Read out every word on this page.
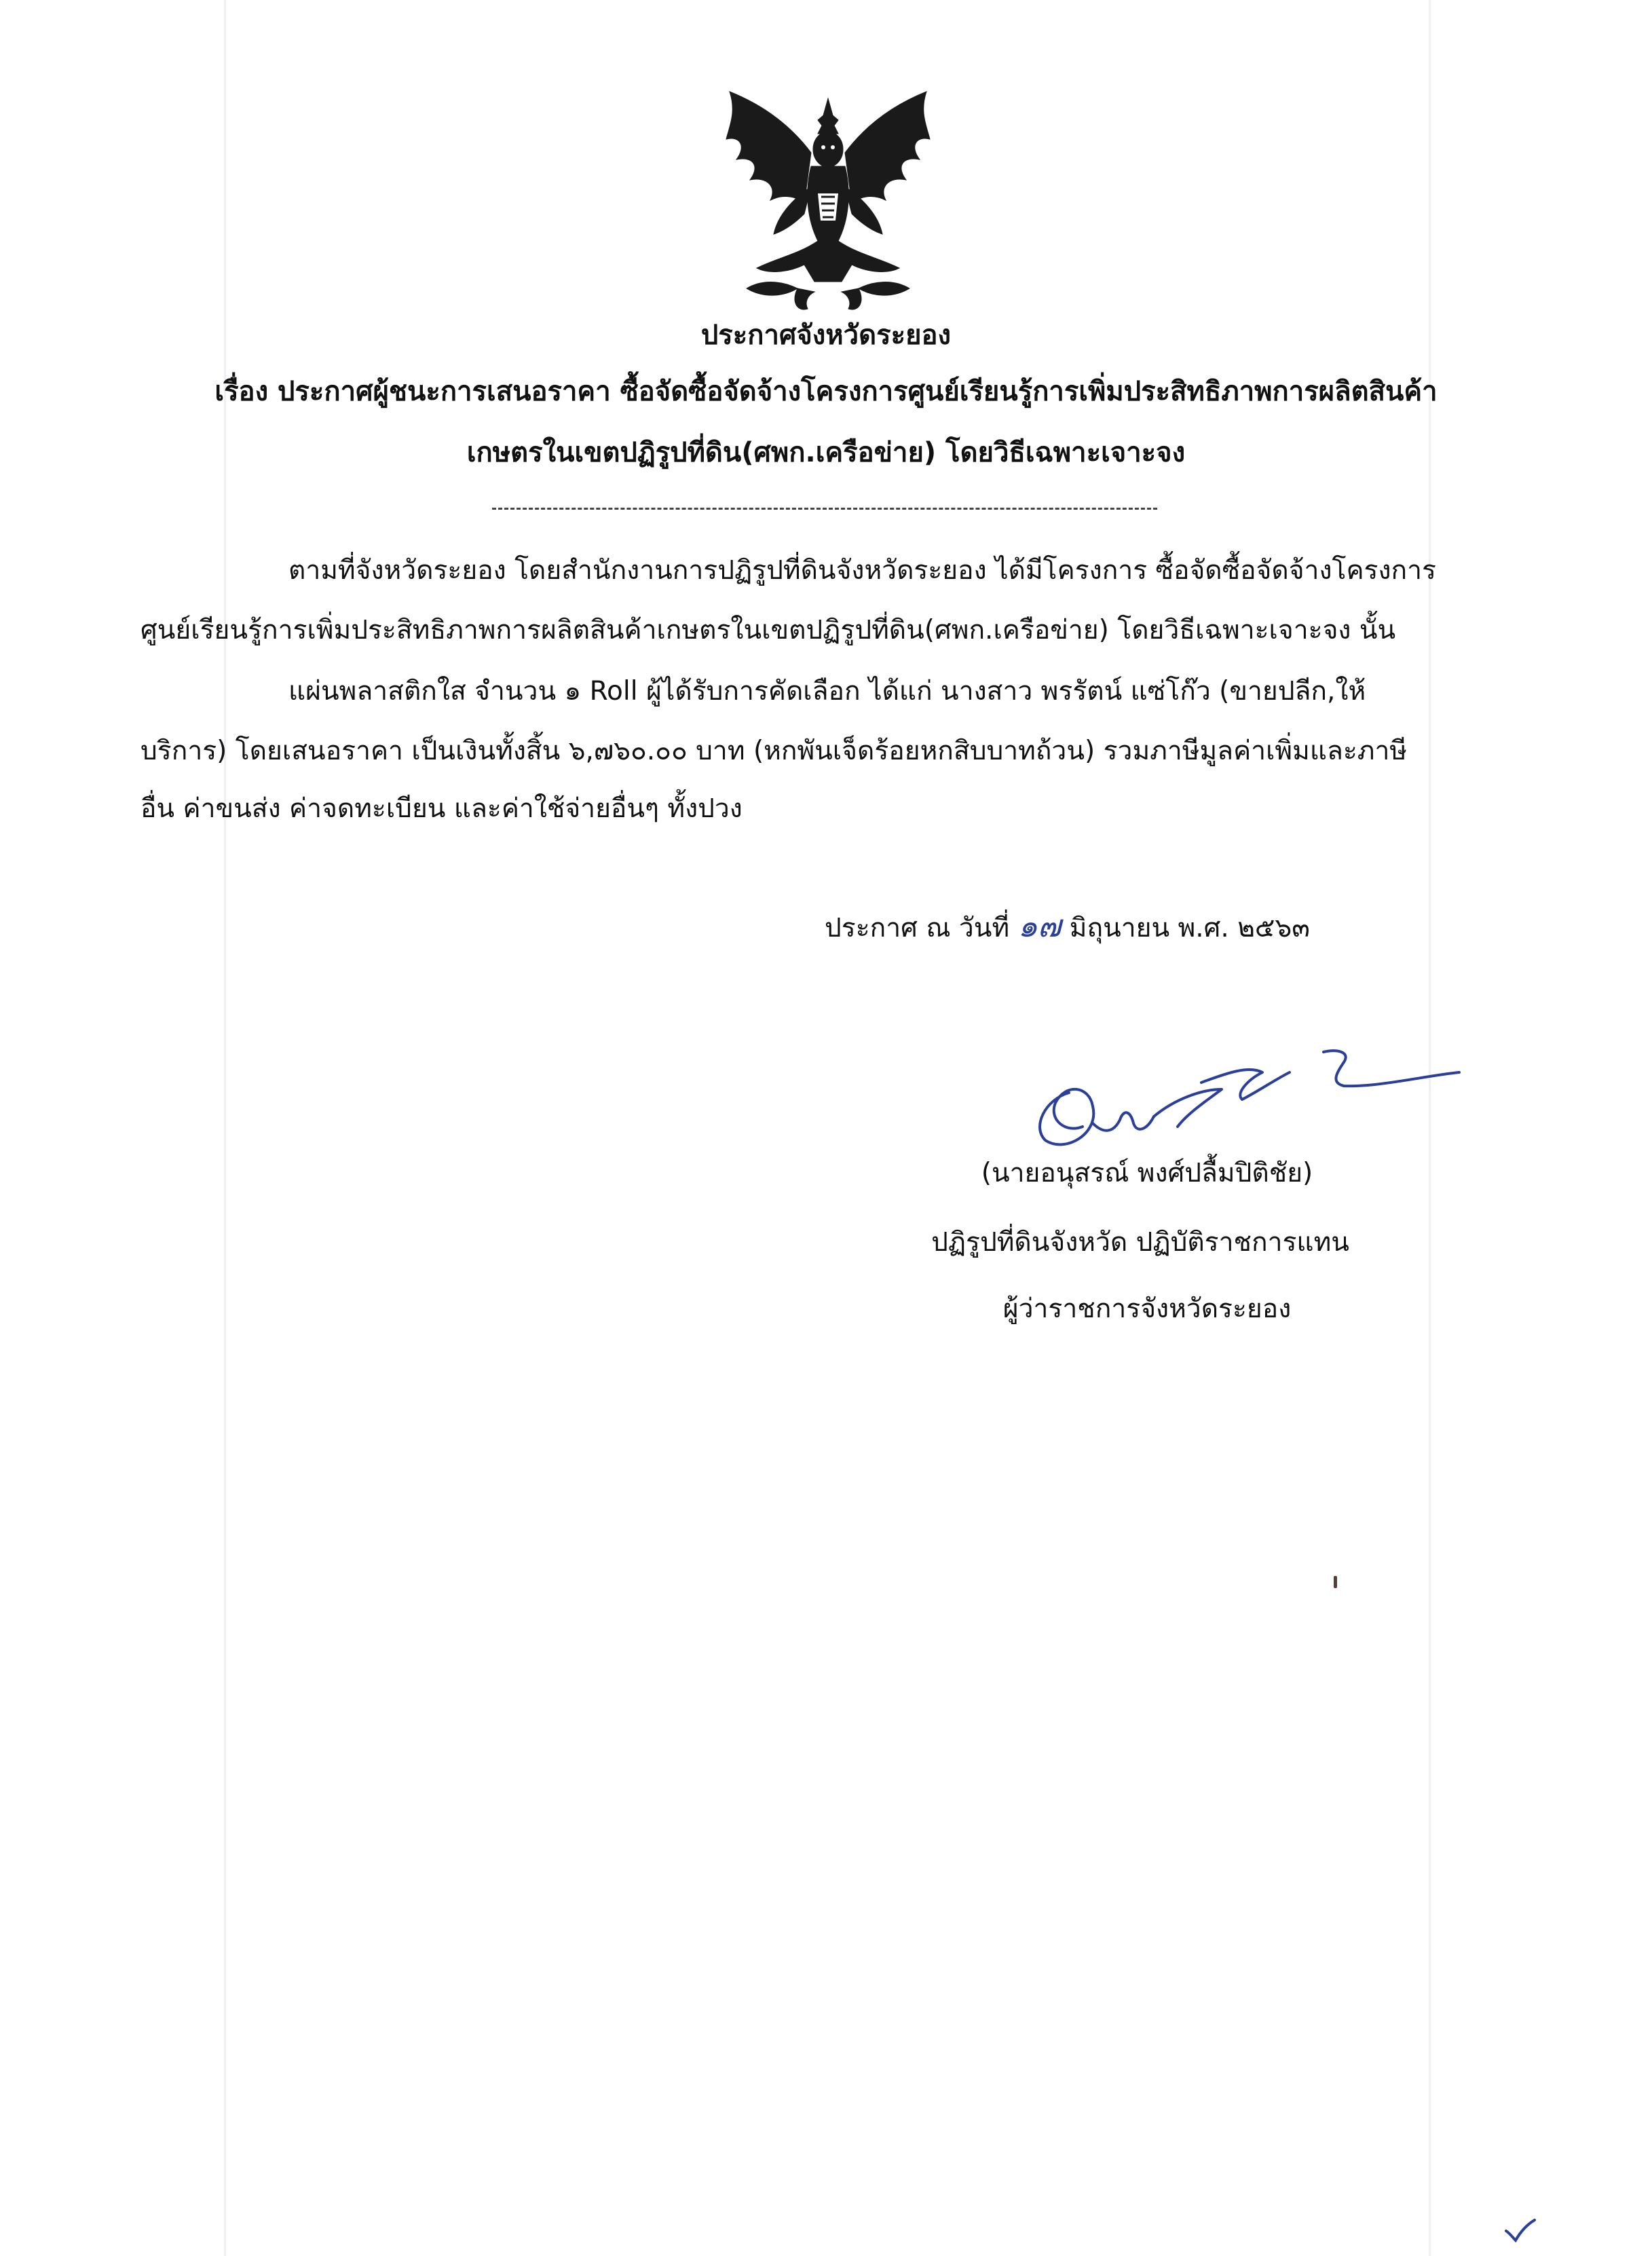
ประกาศจังหวัดระยอง
เรื่อง ประกาศผู้ชนะการเสนอราคา ซื้อจัดซื้อจัดจ้างโครงการศูนย์เรียนรู้การเพิ่มประสิทธิภาพการผลิตสินค้า
เกษตรในเขตปฏิรูปที่ดิน(ศพก.เครือข่าย) โดยวิธีเฉพาะเจาะจง
ตามที่จังหวัดระยอง โดยสำนักงานการปฏิรูปที่ดินจังหวัดระยอง ได้มีโครงการ ซื้อจัดซื้อจัดจ้างโครงการ
ศูนย์เรียนรู้การเพิ่มประสิทธิภาพการผลิตสินค้าเกษตรในเขตปฏิรูปที่ดิน(ศพก.เครือข่าย) โดยวิธีเฉพาะเจาะจง นั้น
แผ่นพลาสติกใส จำนวน ๑ Roll ผู้ได้รับการคัดเลือก ได้แก่ นางสาว พรรัตน์ แซ่โก๊ว (ขายปลีก,ให้
บริการ) โดยเสนอราคา เป็นเงินทั้งสิ้น ๖,๗๖๐.๐๐ บาท (หกพันเจ็ดร้อยหกสิบบาทถ้วน) รวมภาษีมูลค่าเพิ่มและภาษี
อื่น ค่าขนส่ง ค่าจดทะเบียน และค่าใช้จ่ายอื่นๆ ทั้งปวง
ประกาศ ณ วันที่ ๑๗ มิถุนายน พ.ศ. ๒๕๖๓
(นายอนุสรณ์ พงศ์ปลื้มปิติชัย)
ปฏิรูปที่ดินจังหวัด ปฏิบัติราชการแทน
ผู้ว่าราชการจังหวัดระยอง
